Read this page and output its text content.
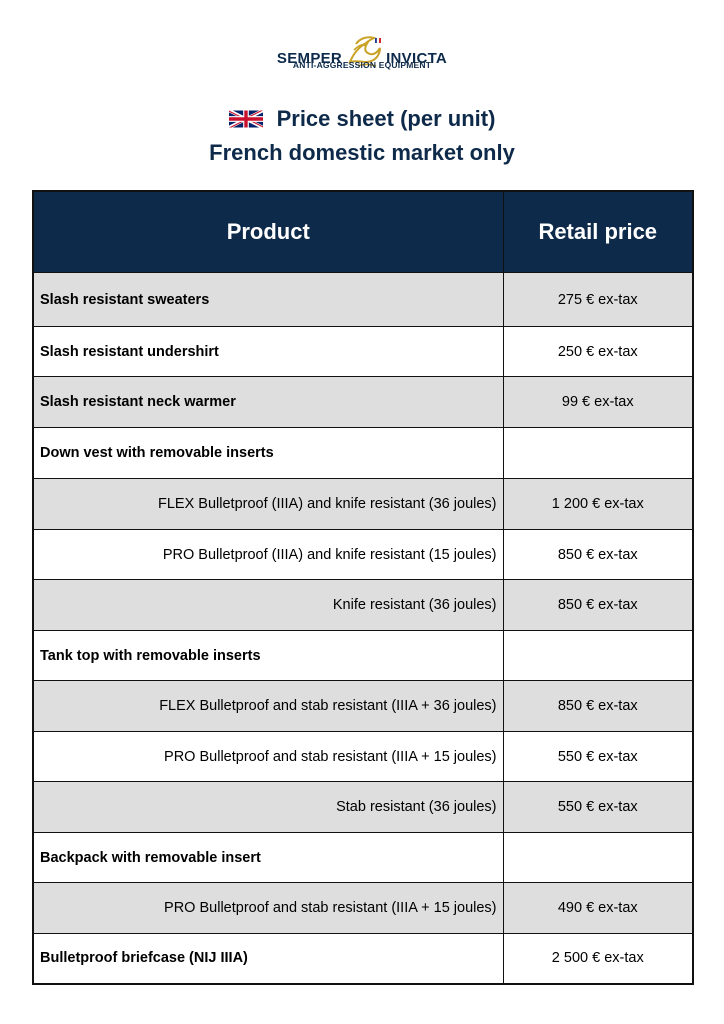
SEMPER	INVICTA
ANTI-AGGRESSION EQUIPMENT
Price sheet (per unit)
French domestic market only
Product	Retail price
Slash resistant sweaters	275 € ex-tax
Slash resistant undershirt	250 € ex-tax
Slash resistant neck warmer	99 € ex-tax
Down vest with removable inserts	
FLEX Bulletproof (IIIA) and knife resistant (36 joules)	1 200 € ex-tax
PRO Bulletproof (IIIA) and knife resistant (15 joules)	850 € ex-tax
Knife resistant (36 joules)	850 € ex-tax
Tank top with removable inserts	
FLEX Bulletproof and stab resistant (IIIA + 36 joules)	850 € ex-tax
PRO Bulletproof and stab resistant (IIIA + 15 joules)	550 € ex-tax
Stab resistant (36 joules)	550 € ex-tax
Backpack with removable insert	
PRO Bulletproof and stab resistant (IIIA + 15 joules)	490 € ex-tax
Bulletproof briefcase (NIJ IIIA)	2 500 € ex-tax
